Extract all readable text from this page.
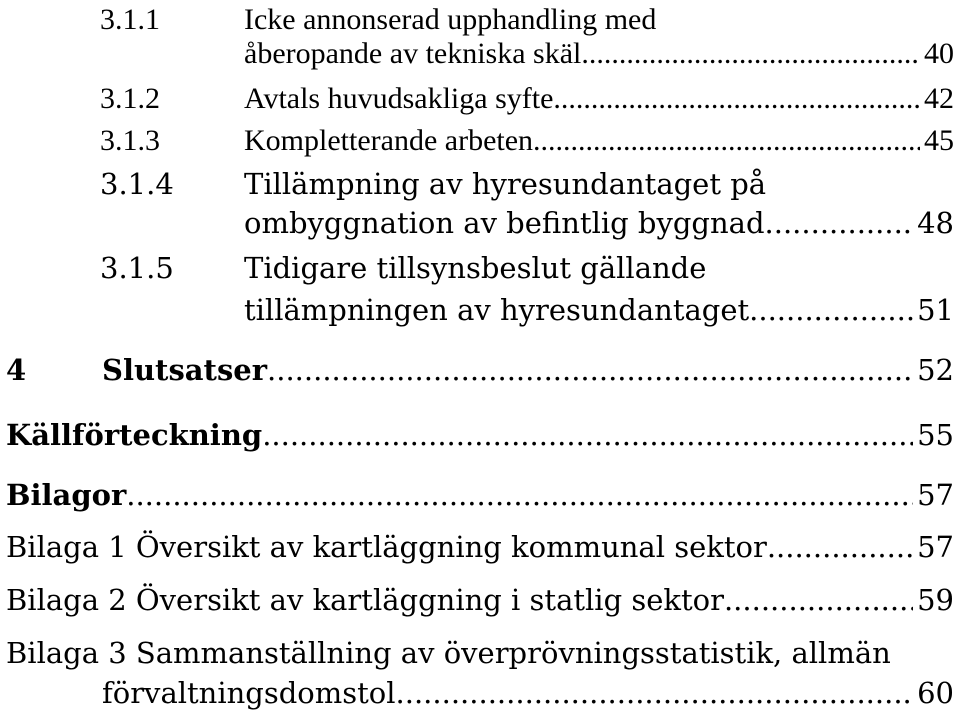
3.1.1	Icke annonserad upphandling med
åberopande av tekniska skäl .....	40
3.1.2	Avtals huvudsakliga syfte .....	42
3.1.3	Kompletterande arbeten .....	45
3.1.4 Tillämpning av hyresundantaget på
ombyggnation av befintlig byggnad .....	48
3.1.5 Tidigare tillsynsbeslut gällande
tillämpningen av hyresundantaget .....	51
4	Slutsatser .....	52
Källförteckning .....	55
Bilagor .....	57
Bilaga 1 Översikt av kartläggning kommunal sektor .....	57
Bilaga 2 Översikt av kartläggning i statlig sektor .....	59
Bilaga 3 Sammanställning av överprövningsstatistik, allmän
förvaltningsdomstol .....	60
